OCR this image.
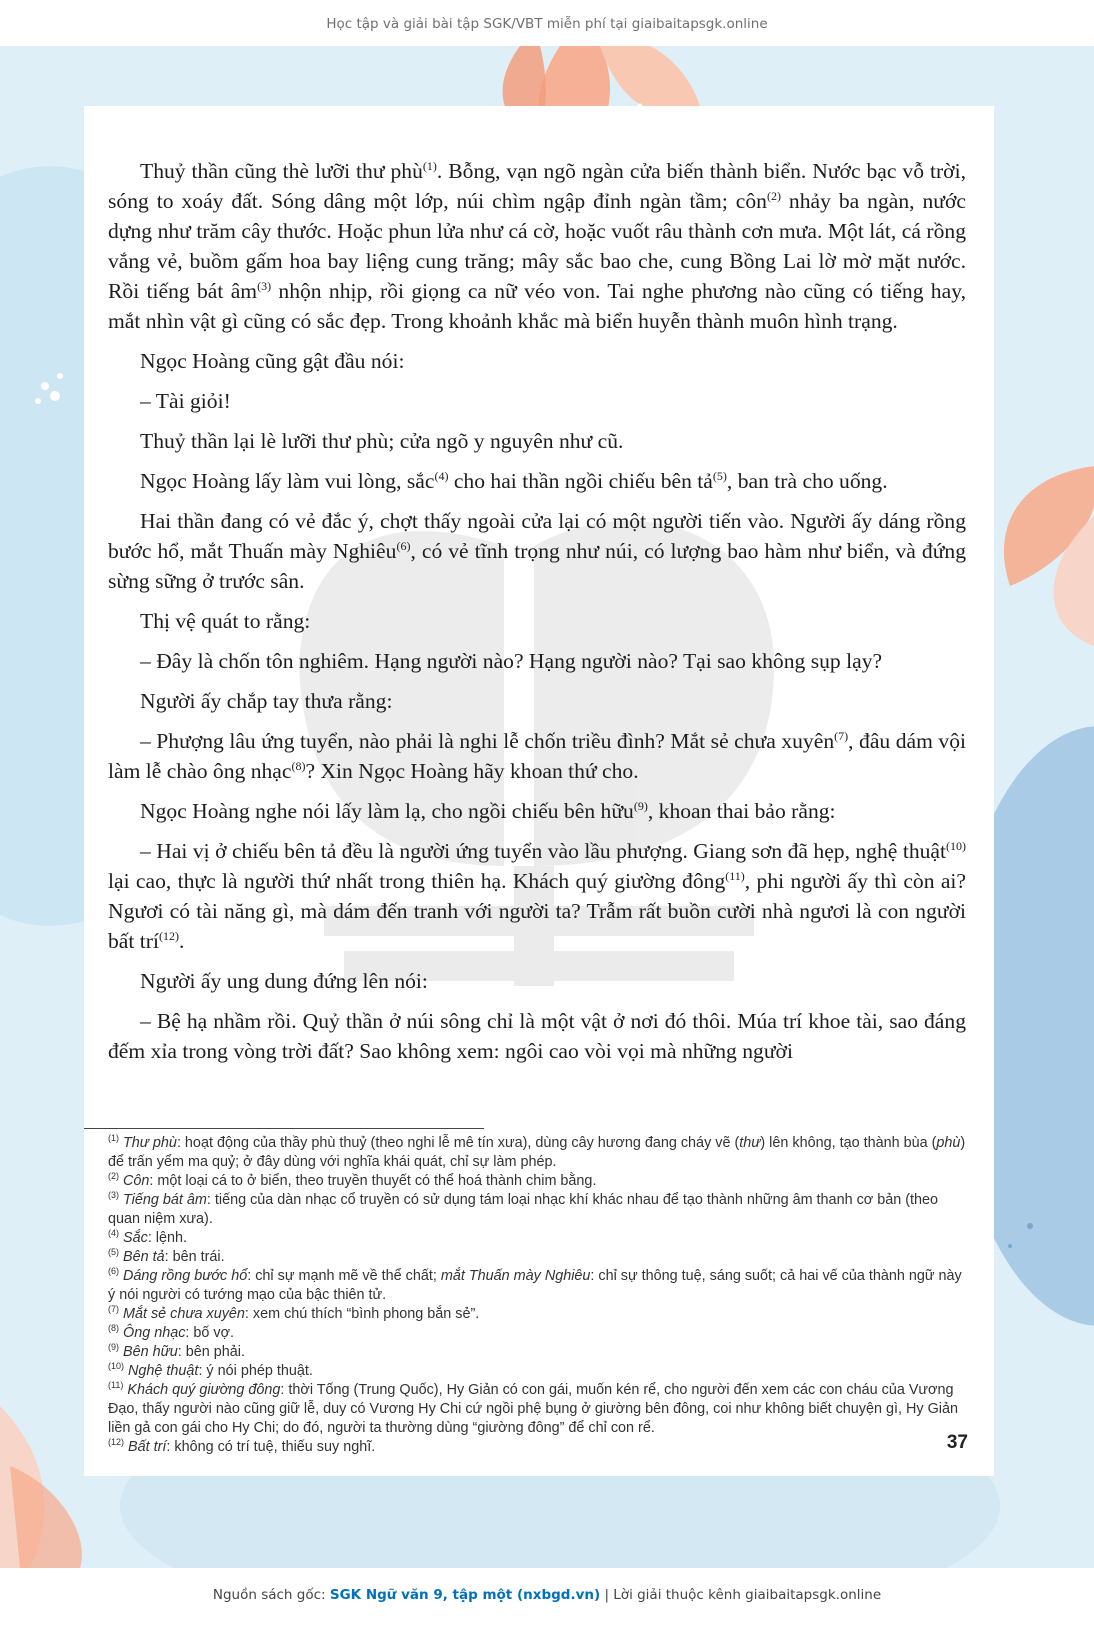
Học tập và giải bài tập SGK/VBT miễn phí tại giaibaitapsgk.online

Thuỷ thần cũng thè lưỡi thư phù$^{(1)}$. Bỗng, vạn ngõ ngàn cửa biến thành biển. Nước bạc vỗ trời, sóng to xoáy đất. Sóng dâng một lớp, núi chìm ngập đỉnh ngàn tầm; côn$^{(2)}$ nhảy ba ngàn, nước dựng như trăm cây thước. Hoặc phun lửa như cá cờ, hoặc vuốt râu thành cơn mưa. Một lát, cá rồng vắng vẻ, buồm gấm hoa bay liệng cung trăng; mây sắc bao che, cung Bồng Lai lờ mờ mặt nước. Rồi tiếng bát $âm^{(3)}$ nhộn nhịp, rồi giọng ca nữ véo von. Tai nghe phương nào cũng có tiếng hay, mắt nhìn vật gì cũng có sắc đẹp. Trong khoảnh khắc mà biển huyễn thành muôn hình trạng.

Ngọc Hoàng cũng gật đầu nói:

– Tài giỏi!

Thuỷ thần lại lè lưỡi thư phù; cửa ngõ y nguyên như cũ.

Ngọc Hoàng lấy làm vui lòng, sắc$^{(4)}$ cho hai thần ngồi chiếu bên tả$^{(5)}$, ban trà cho uống.

Hai thần đang có vẻ đắc ý, chợt thấy ngoài cửa lại có một người tiến vào. Người ấy dáng rồng bước hổ, mắt Thuấn mày Nghiêu$^{(6)}$, có vẻ tĩnh trọng như núi, có lượng bao hàm như biển, và đứng sừng sững ở trước sân.

Thị vệ quát to rằng:

– Đây là chốn tôn nghiêm. Hạng người nào? Hạng người nào? Tại sao không sụp lạy?

Người ấy chắp tay thưa rằng:

– Phượng lâu ứng tuyển, nào phải là nghi lễ chốn triều đình? Mắt sẻ chưa xuyên$^{(7)}$, đâu dám vội làm lễ chào ông nhạc$^{(8)}$? Xin Ngọc Hoàng hãy khoan thứ cho.

Ngọc Hoàng nghe nói lấy làm lạ, cho ngồi chiếu bên hữu$^{(9)}$, khoan thai bảo rằng:

– Hai vị ở chiếu bên tả đều là người ứng tuyển vào lầu phượng. Giang sơn đã hẹp, nghệ thuật$^{(10)}$ lại cao, thực là người thứ nhất trong thiên hạ. Khách quý giường đông$^{(11)}$, phi người ấy thì còn ai? Ngươi có tài năng gì, mà dám đến tranh với người ta? Trẫm rất buồn cười nhà ngươi là con người bất trí$^{(12)}$.

Người ấy ung dung đứng lên nói:

– Bệ hạ nhầm rồi. Quỷ thần ở núi sông chỉ là một vật ở nơi đó thôi. Múa trí khoe tài, sao đáng đếm xỉa trong vòng trời đất? Sao không xem: ngôi cao vòi vọi mà những người

$^{(1)}$ Thư phù: hoạt động của thầy phù thuỷ (theo nghi lễ mê tín xưa), dùng cây hương đang cháy vẽ (thư) lên không, tạo thành bùa (phù) để trấn yểm ma quỷ; ở đây dùng với nghĩa khái quát, chỉ sự làm phép.

$^{(2)}$ Côn: một loại cá to ở biển, theo truyền thuyết có thể hoá thành chim bằng.

$^{(3)}$ Tiếng bát âm: tiếng của dàn nhạc cổ truyền có sử dụng tám loại nhạc khí khác nhau để tạo thành những âm thanh cơ bản (theo quan niệm xưa).

$^{(4)}$ Sắc: lệnh.

$^{(5)}$ Bên tả: bên trái.

$^{(6)}$ Dáng rồng bước hổ: chỉ sự mạnh mẽ về thể chất; mắt Thuấn mày Nghiêu: chỉ sự thông tuệ, sáng suốt; cả hai vế của thành ngữ này ý nói người có tướng mạo của bậc thiên tử.

$^{(7)}$ Mắt sẻ chưa xuyên: xem chú thích “bình phong bắn sẻ”.

$^{(8)}$ Ông nhạc: bố vợ.

$^{(9)}$ Bên hữu: bên phải.

$^{(10)}$ Nghệ thuật: ý nói phép thuật.

$^{(11)}$ Khách quý giường đông: thời Tống (Trung Quốc), Hy Giản có con gái, muốn kén rể, cho người đến xem các con cháu của Vương Đạo, thấy người nào cũng giữ lễ, duy có Vương Hy Chi cứ ngồi phệ bụng ở giường bên đông, coi như không biết chuyện gì, Hy Giản liền gả con gái cho Hy Chi; do đó, người ta thường dùng “giường đông” để chỉ con rể.

$^{(12)}$ Bất trí: không có trí tuệ, thiếu suy nghĩ.	37
Nguồn sách gốc: SGK Ngữ văn 9, tập một (nxbgd.vn) | Lời giải thuộc kênh giaibaitapsgk.online
